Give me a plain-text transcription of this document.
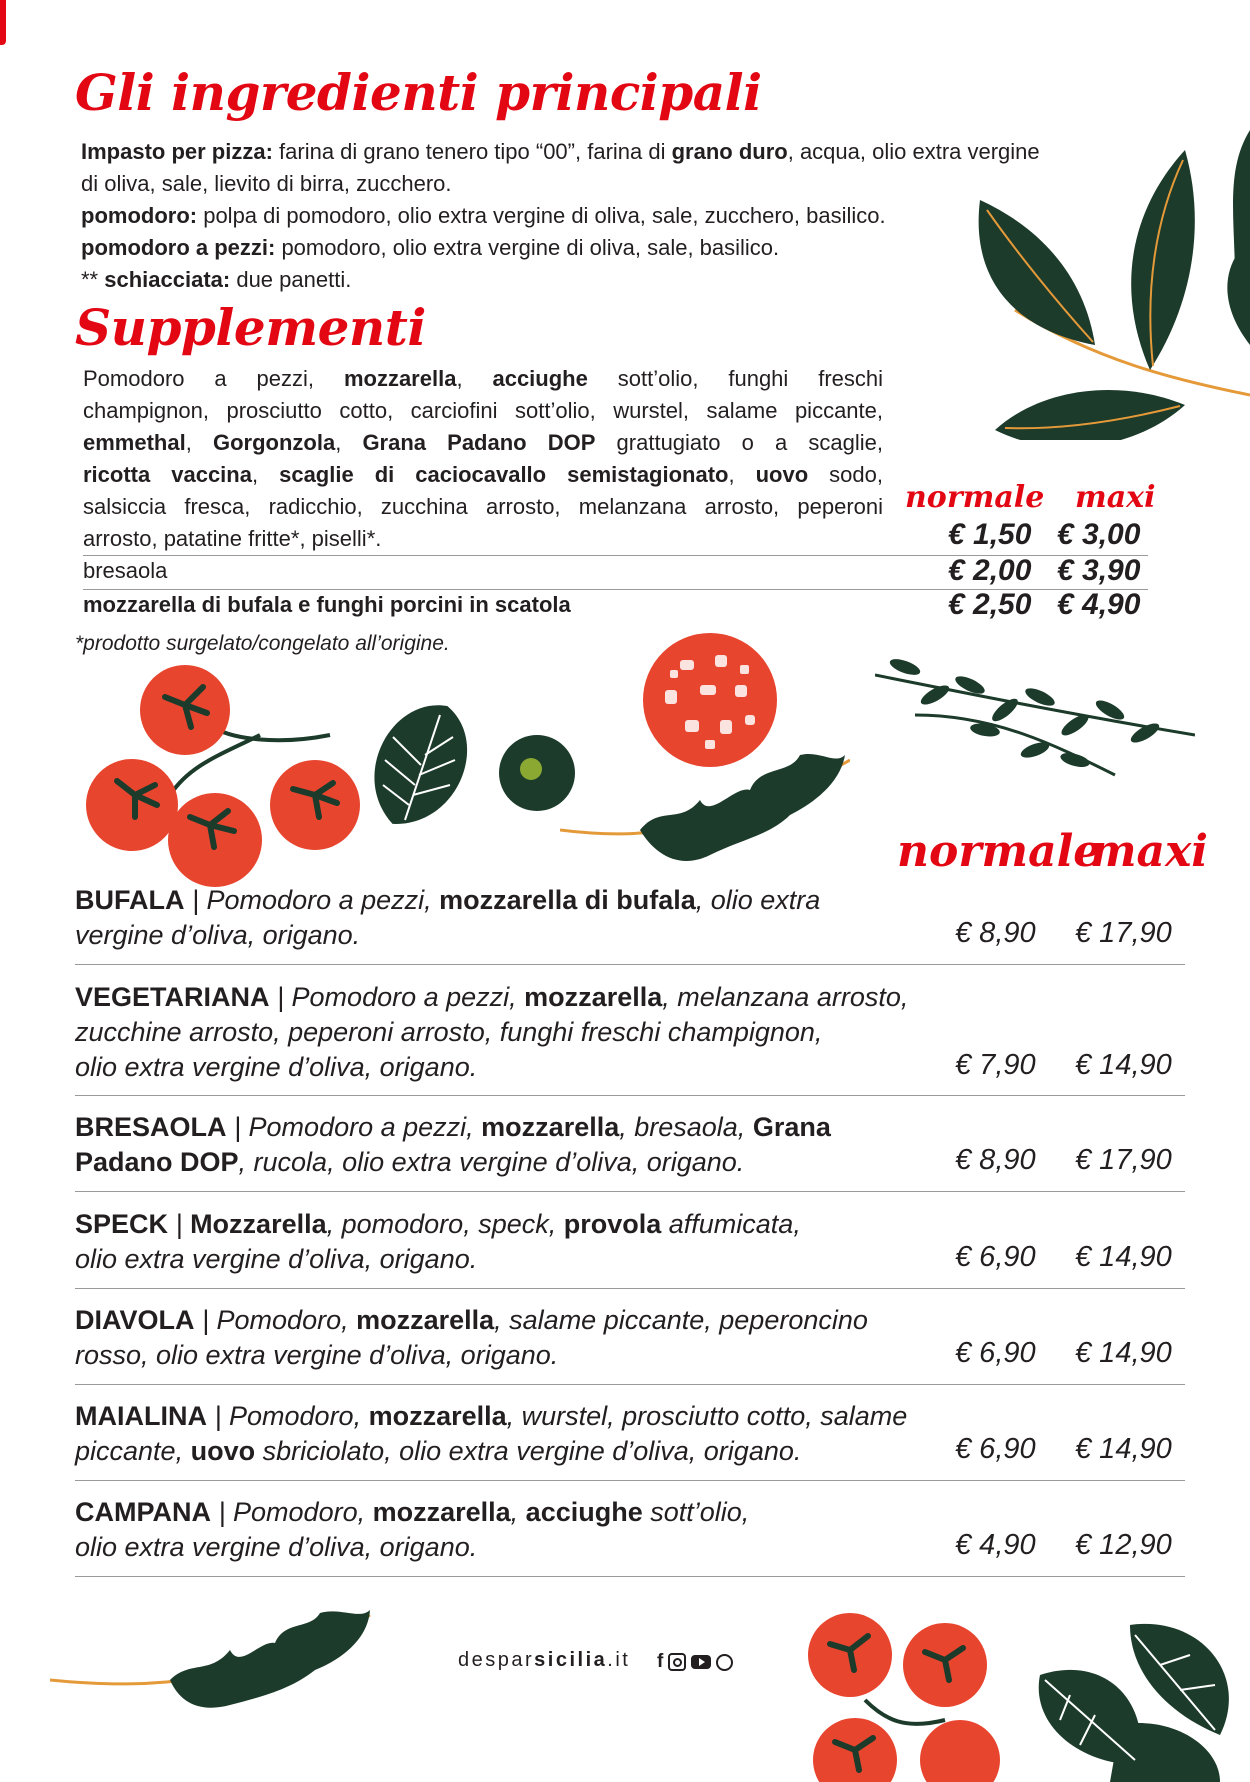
Gli ingredienti principali
Impasto per pizza: farina di grano tenero tipo “00”, farina di grano duro, acqua, olio extra vergine
di oliva, sale, lievito di birra, zucchero.
pomodoro: polpa di pomodoro, olio extra vergine di oliva, sale, zucchero, basilico.
pomodoro a pezzi: pomodoro, olio extra vergine di oliva, sale, basilico.
** schiacciata: due panetti.
Supplementi
Pomodoro a pezzi, mozzarella, acciughe sott’olio, funghi freschi
champignon, prosciutto cotto, carciofini sott’olio, wurstel, salame piccante,
emmethal, Gorgonzola, Grana Padano DOP grattugiato o a scaglie,
ricotta vaccina, scaglie di caciocavallo semistagionato, uovo sodo,
salsiccia fresca, radicchio, zucchina arrosto, melanzana arrosto, peperoni
arrosto, patatine fritte*, piselli*.
normale maxi
€ 1,50 € 3,00
bresaola	€ 2,00 € 3,90
mozzarella di bufala e funghi porcini in scatola	€ 2,50 € 4,90
*prodotto surgelato/congelato all’origine.
normale
maxi
BUFALA | Pomodoro a pezzi, mozzarella di bufala, olio extra
vergine d’oliva, origano.	€ 8,90 € 17,90
VEGETARIANA | Pomodoro a pezzi, mozzarella, melanzana arrosto,
zucchine arrosto, peperoni arrosto, funghi freschi champignon,
olio extra vergine d’oliva, origano.	€ 7,90 € 14,90
BRESAOLA | Pomodoro a pezzi, mozzarella, bresaola, Grana
Padano DOP, rucola, olio extra vergine d’oliva, origano.	€ 8,90 € 17,90
SPECK | Mozzarella, pomodoro, speck, provola affumicata,
olio extra vergine d’oliva, origano.	€ 6,90 € 14,90
DIAVOLA | Pomodoro, mozzarella, salame piccante, peperoncino
rosso, olio extra vergine d’oliva, origano.	€ 6,90 € 14,90
MAIALINA | Pomodoro, mozzarella, wurstel, prosciutto cotto, salame
piccante, uovo sbriciolato, olio extra vergine d’oliva, origano.	€ 6,90 € 14,90
CAMPANA | Pomodoro, mozzarella, acciughe sott’olio,
olio extra vergine d’oliva, origano.	€ 4,90 € 12,90
desparsicilia.it f
